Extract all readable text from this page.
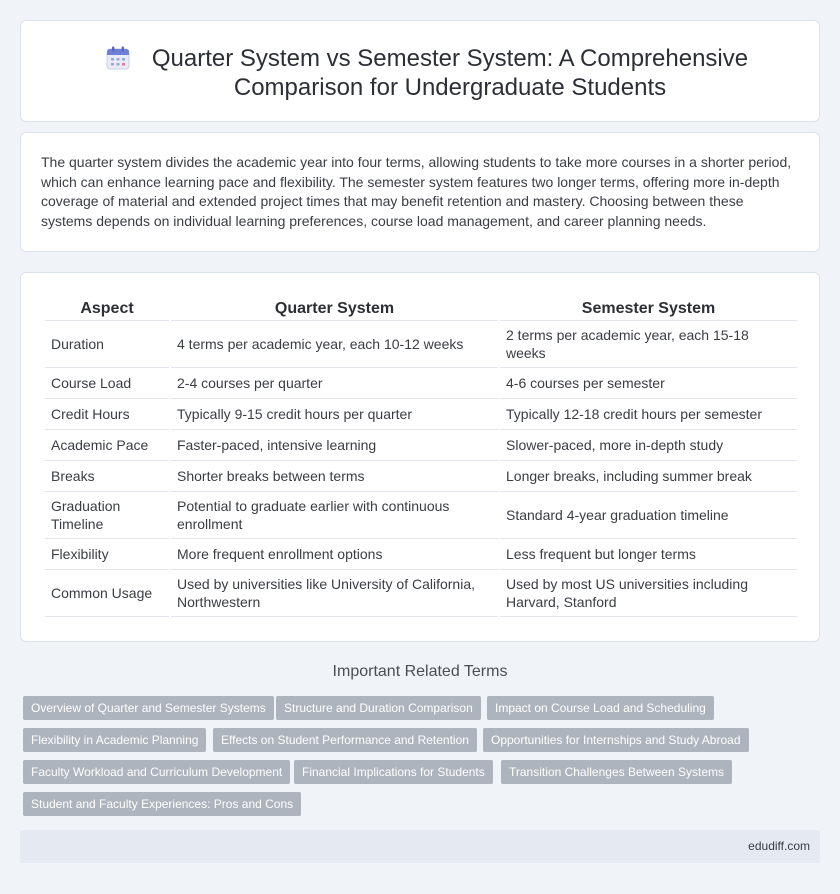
Quarter System vs Semester System: A Comprehensive
Comparison for Undergraduate Students

The quarter system divides the academic year into four terms, allowing students to take more courses in a shorter period, which can enhance learning pace and flexibility. The semester system features two longer terms, offering more in-depth coverage of material and extended project times that may benefit retention and mastery. Choosing between these systems depends on individual learning preferences, course load management, and career planning needs.

Aspect	Quarter System	Semester System
Duration	4 terms per academic year, each 10-12 weeks	2 terms per academic year, each 15-18 weeks
Course Load	2-4 courses per quarter	4-6 courses per semester
Credit Hours	Typically 9-15 credit hours per quarter	Typically 12-18 credit hours per semester
Academic Pace	Faster-paced, intensive learning	Slower-paced, more in-depth study
Breaks	Shorter breaks between terms	Longer breaks, including summer break
Graduation Timeline	Potential to graduate earlier with continuous enrollment	Standard 4-year graduation timeline
Flexibility	More frequent enrollment options	Less frequent but longer terms
Common Usage	Used by universities like University of California, Northwestern	Used by most US universities including Harvard, Stanford
Important Related Terms
Overview of Quarter and Semester Systems	Structure and Duration Comparison	Impact on Course Load and Scheduling
Flexibility in Academic Planning	Effects on Student Performance and Retention	Opportunities for Internships and Study Abroad
Faculty Workload and Curriculum Development	Financial Implications for Students	Transition Challenges Between Systems
Student and Faculty Experiences: Pros and Cons
edudiff.com
